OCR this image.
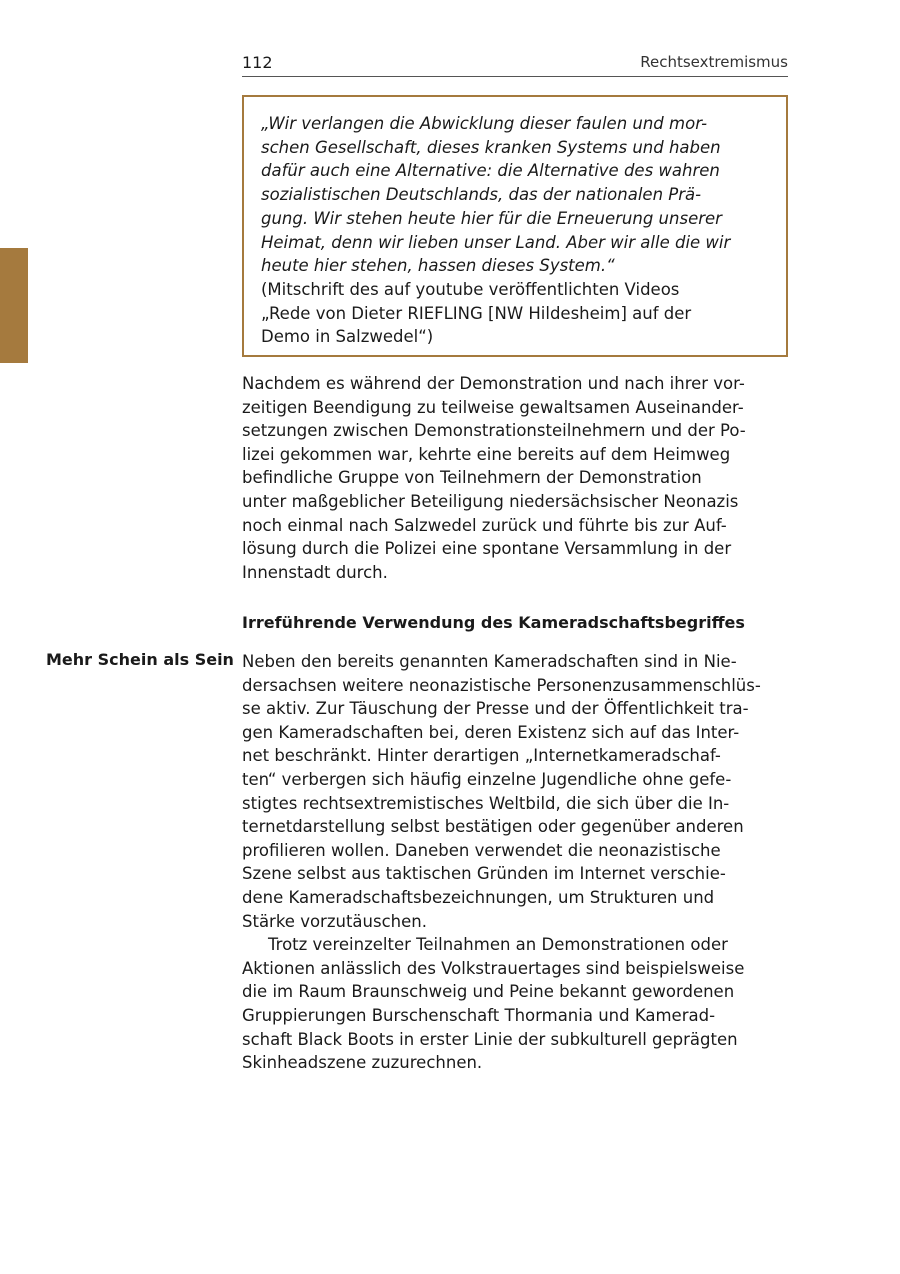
112	Rechtsextremismus
„Wir verlangen die Abwicklung dieser faulen und mor-
schen Gesellschaft, dieses kranken Systems und haben
dafür auch eine Alternative: die Alternative des wahren
sozialistischen Deutschlands, das der nationalen Prä-
gung. Wir stehen heute hier für die Erneuerung unserer
Heimat, denn wir lieben unser Land. Aber wir alle die wir
heute hier stehen, hassen dieses System.“
(Mitschrift des auf youtube veröffentlichten Videos
„Rede von Dieter RIEFLING [NW Hildesheim] auf der
Demo in Salzwedel“)
Nachdem es während der Demonstration und nach ihrer vor-
zeitigen Beendigung zu teilweise gewaltsamen Auseinander-
setzungen zwischen Demonstrationsteilnehmern und der Po-
lizei gekommen war, kehrte eine bereits auf dem Heimweg
befindliche Gruppe von Teilnehmern der Demonstration
unter maßgeblicher Beteiligung niedersächsischer Neonazis
noch einmal nach Salzwedel zurück und führte bis zur Auf-
lösung durch die Polizei eine spontane Versammlung in der
Innenstadt durch.
Irreführende Verwendung des Kameradschaftsbegriffes
Mehr Schein als Sein Neben den bereits genannten Kameradschaften sind in Nie-
dersachsen weitere neonazistische Personenzusammenschlüs-
se aktiv. Zur Täuschung der Presse und der Öffentlichkeit tra-
gen Kameradschaften bei, deren Existenz sich auf das Inter-
net beschränkt. Hinter derartigen „Internetkameradschaf-
ten“ verbergen sich häufig einzelne Jugendliche ohne gefe-
stigtes rechtsextremistisches Weltbild, die sich über die In-
ternetdarstellung selbst bestätigen oder gegenüber anderen
profilieren wollen. Daneben verwendet die neonazistische
Szene selbst aus taktischen Gründen im Internet verschie-
dene Kameradschaftsbezeichnungen, um Strukturen und
Stärke vorzutäuschen.
Trotz vereinzelter Teilnahmen an Demonstrationen oder
Aktionen anlässlich des Volkstrauertages sind beispielsweise
die im Raum Braunschweig und Peine bekannt gewordenen
Gruppierungen Burschenschaft Thormania und Kamerad-
schaft Black Boots in erster Linie der subkulturell geprägten
Skinheadszene zuzurechnen.
